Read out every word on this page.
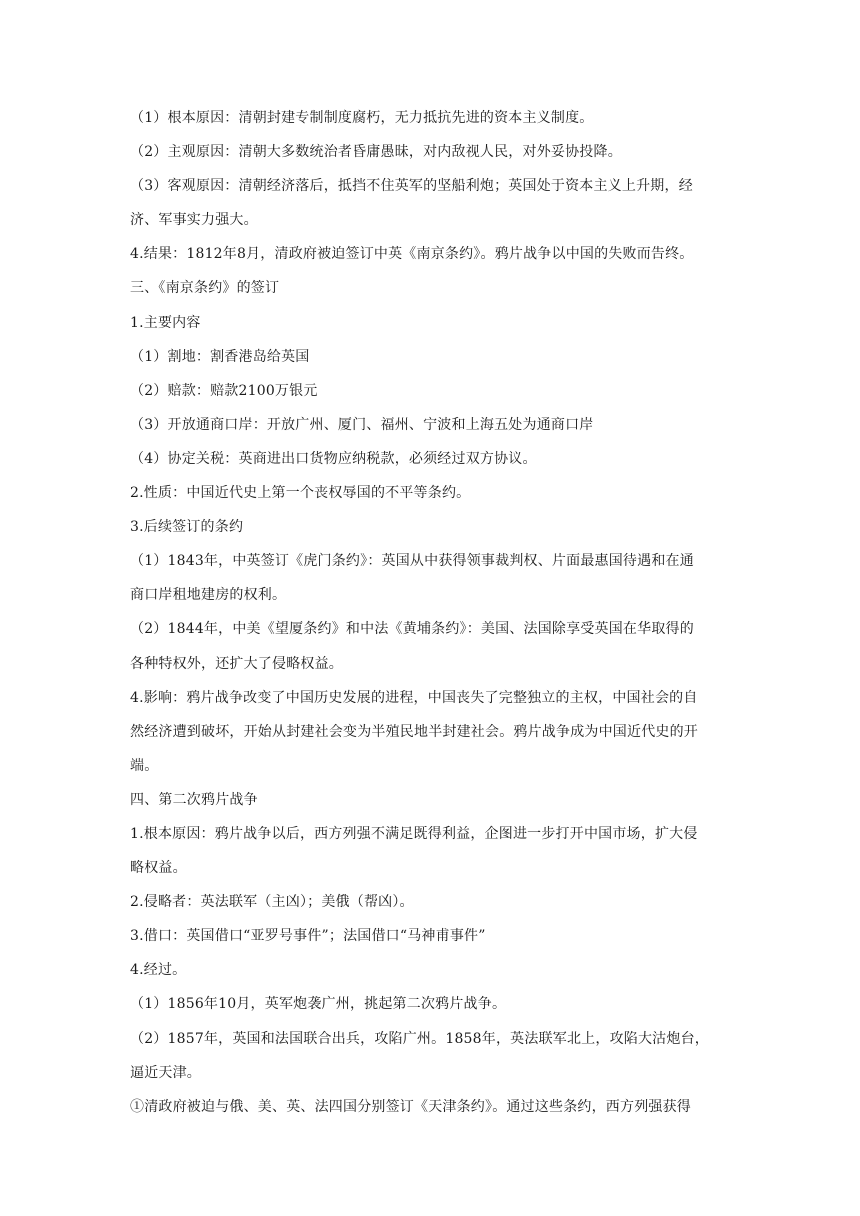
（1）根本原因：清朝封建专制制度腐朽，无力抵抗先进的资本主义制度。
（2）主观原因：清朝大多数统治者昏庸愚昧，对内敌视人民，对外妥协投降。
（3）客观原因：清朝经济落后，抵挡不住英军的坚船利炮；英国处于资本主义上升期，经
济、军事实力强大。
4.结果：1812年8月，清政府被迫签订中英《南京条约》。鸦片战争以中国的失败而告终。
三、《南京条约》的签订
1.主要内容
（1）割地：割香港岛给英国
（2）赔款：赔款2100万银元
（3）开放通商口岸：开放广州、厦门、福州、宁波和上海五处为通商口岸
（4）协定关税：英商进出口货物应纳税款，必须经过双方协议。
2.性质：中国近代史上第一个丧权辱国的不平等条约。
3.后续签订的条约
（1）1843年，中英签订《虎门条约》：英国从中获得领事裁判权、片面最惠国待遇和在通
商口岸租地建房的权利。
（2）1844年，中美《望厦条约》和中法《黄埔条约》：美国、法国除享受英国在华取得的
各种特权外，还扩大了侵略权益。
4.影响：鸦片战争改变了中国历史发展的进程，中国丧失了完整独立的主权，中国社会的自
然经济遭到破坏，开始从封建社会变为半殖民地半封建社会。鸦片战争成为中国近代史的开
端。
四、第二次鸦片战争
1.根本原因：鸦片战争以后，西方列强不满足既得利益，企图进一步打开中国市场，扩大侵
略权益。
2.侵略者：英法联军（主凶）；美俄（帮凶）。
3.借口：英国借口“亚罗号事件”；法国借口“马神甫事件”
4.经过。
（1）1856年10月，英军炮袭广州，挑起第二次鸦片战争。
（2）1857年，英国和法国联合出兵，攻陷广州。1858年，英法联军北上，攻陷大沽炮台，
逼近天津。
①清政府被迫与俄、美、英、法四国分别签订《天津条约》。通过这些条约，西方列强获得
